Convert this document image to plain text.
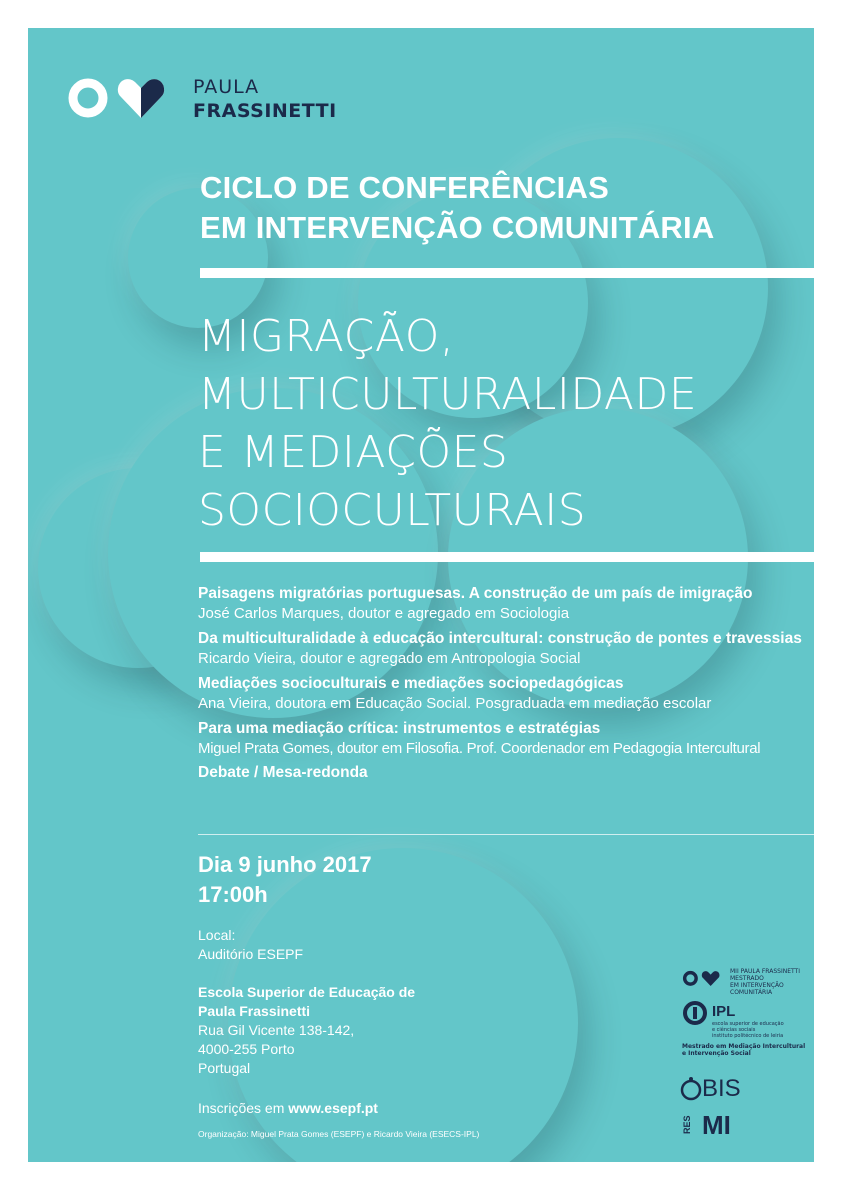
PAULA
FRASSINETTI
CICLO DE CONFERÊNCIAS
EM INTERVENÇÃO COMUNITÁRIA
MIGRAÇÃO,
MULTICULTURALIDADE
E MEDIAÇÕES
SOCIOCULTURAIS
Paisagens migratórias portuguesas. A construção de um país de imigração
José Carlos Marques, doutor e agregado em Sociologia
Da multiculturalidade à educação intercultural: construção de pontes e travessias
Ricardo Vieira, doutor e agregado em Antropologia Social
Mediações socioculturais e mediações sociopedagógicas
Ana Vieira, doutora em Educação Social. Posgraduada em mediação escolar
Para uma mediação crítica: instrumentos e estratégias
Miguel Prata Gomes, doutor em Filosofia. Prof. Coordenador em Pedagogia Intercultural
Debate / Mesa-redonda
Dia 9 junho 2017
17:00h
Local:
Auditório ESEPF
Escola Superior de Educação de
Paula Frassinetti
Rua Gil Vicente 138-142,
4000-255 Porto
Portugal
Inscrições em www.esepf.pt
Organização: Miguel Prata Gomes (ESEPF) e Ricardo Vieira (ESECS-IPL)
MII PAULA FRASSINETTI
MESTRADO
EM INTERVENÇÃO
COMUNITÁRIA
IPL
escola superior de educação
e ciências sociais
instituto politécnico de leiria
Mestrado em Mediação Intercultural
e Intervenção Social
BIS
RES MI
